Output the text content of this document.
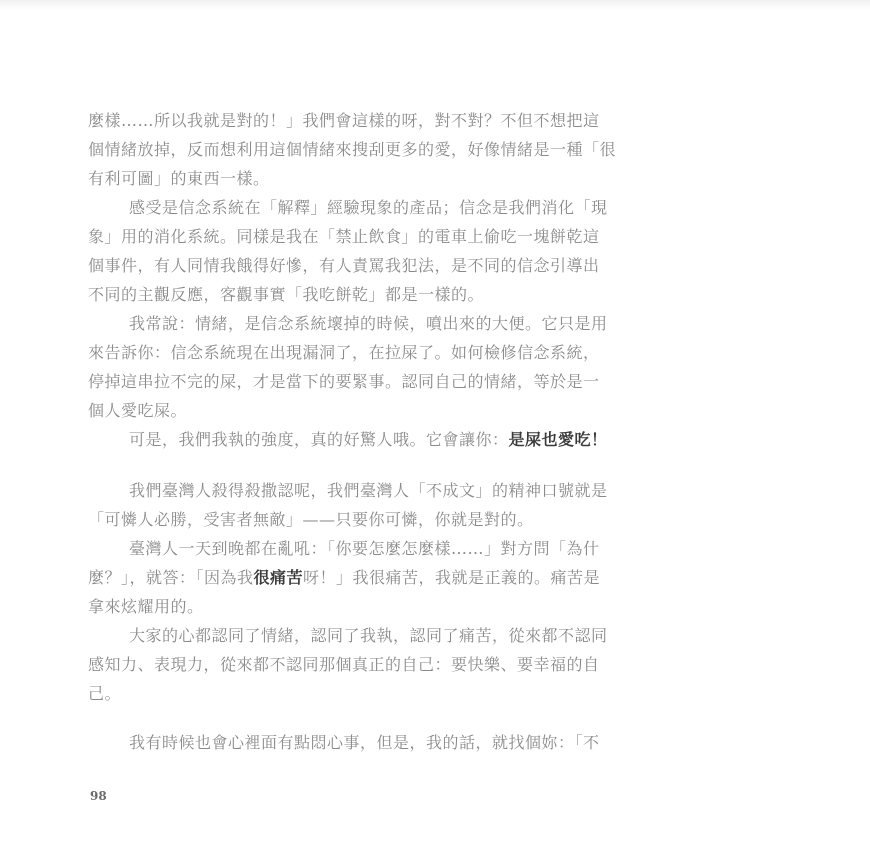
麼樣……所以我就是對的！」我們會這樣的呀，對不對？不但不想把這
個情緒放掉，反而想利用這個情緒來搜刮更多的愛，好像情緒是一種「很
有利可圖」的東西一樣。
感受是信念系統在「解釋」經驗現象的產品；信念是我們消化「現
象」用的消化系統。同樣是我在「禁止飲食」的電車上偷吃一塊餅乾這
個事件，有人同情我餓得好慘，有人責罵我犯法，是不同的信念引導出
不同的主觀反應，客觀事實「我吃餅乾」都是一樣的。
我常說：情緒，是信念系統壞掉的時候，噴出來的大便。它只是用
來告訴你：信念系統現在出現漏洞了，在拉屎了。如何檢修信念系統，
停掉這串拉不完的屎，才是當下的要緊事。認同自己的情緒，等於是一
個人愛吃屎。
可是，我們我執的強度，真的好驚人哦。它會讓你：是屎也愛吃！
我們臺灣人殺得殺撒認呢，我們臺灣人「不成文」的精神口號就是
「可憐人必勝，受害者無敵」——只要你可憐，你就是對的。
臺灣人一天到晚都在亂吼：「你要怎麼怎麼樣……」對方問「為什
麼？」，就答：「因為我很痛苦呀！」我很痛苦，我就是正義的。痛苦是
拿來炫耀用的。
大家的心都認同了情緒，認同了我執，認同了痛苦，從來都不認同
感知力、表現力，從來都不認同那個真正的自己：要快樂、要幸福的自
己。
我有時候也會心裡面有點悶心事，但是，我的話，就找個妳：「不
98
